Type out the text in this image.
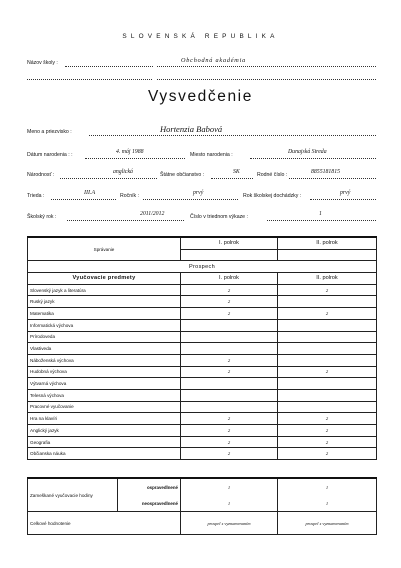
SLOVENSKÁ REPUBLIKA
Názov školy :	Obchodná akadémia
Vysvedčenie
Meno a priezvisko :	Hortenzia Babová
Dátum narodenia : :	4. máj 1988	Miesto narodenia :	Dunajská Streda
Národnosť :	anglická	Štátne občianstvo :	SK	Rodné číslo :	8855181815
Trieda :	III.A	Ročník :	prvý	Rok školskej dochádzky :	prvý
Školský rok :	2011/2012	Číslo v triednom výkaze :	1
Správanie	I. polrok	II. polrok

Prospech		
Vyučovacie predmety	I. polrok	II. polrok
Slovenský jazyk a literatúra	2	2
Ruský jazyk	2	
Matematika	2	2
Informatická výchova		
Prírodoveda		
Vlastiveda		
Náboženská výchova	2	
Hudobná výchova	2	2
Výtvarná výchova		
Telesná výchova		
Pracovné vyučovanie		
Hra na klavíri	2	2
Anglický jazyk	2	2
Geografia	2	2
Občianska náuka	2	2
Zameškané vyučovacie hodiny	ospravedlnené	1	1
	neospravedlnené	1	1
Celkové hodnotenie		prospel s vyznamenaním	prospel s vyznamenaním
